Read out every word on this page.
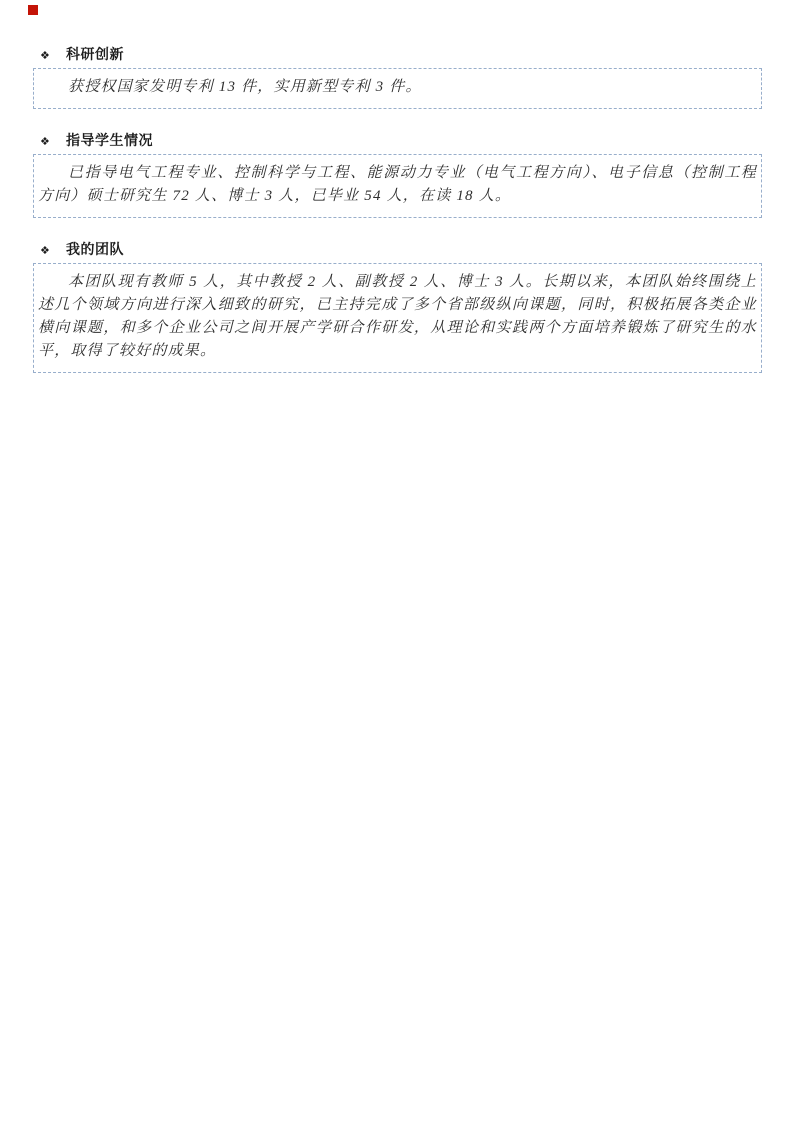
❖	科研创新

获授权国家发明专利 13 件，实用新型专利 3 件。

❖	指导学生情况

已指导电气工程专业、控制科学与工程、能源动力专业（电气工程方向）、电子信息（控制工程方向）硕士研究生 72 人、博士 3 人，已毕业 54 人，在读 18 人。

❖	我的团队

本团队现有教师 5 人，其中教授 2 人、副教授 2 人、博士 3 人。长期以来，本团队始终围绕上述几个领域方向进行深入细致的研究，已主持完成了多个省部级纵向课题，同时，积极拓展各类企业横向课题，和多个企业公司之间开展产学研合作研发，从理论和实践两个方面培养锻炼了研究生的水平，取得了较好的成果。
